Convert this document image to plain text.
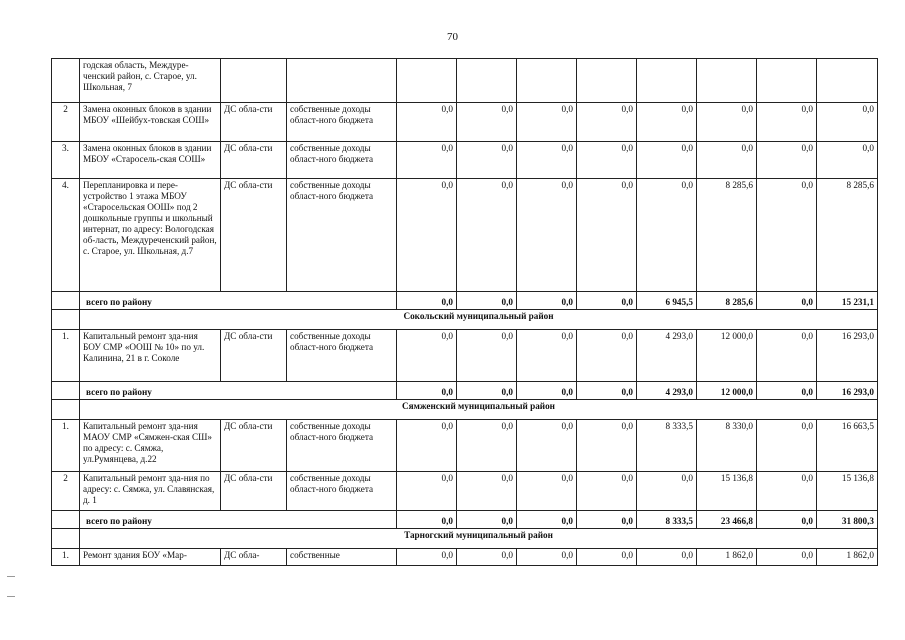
70
	годская область, Междуре-ченский район, с. Старое, ул. Школьная, 7										
2	Замена оконных блоков в здании МБОУ «Шейбух-товская СОШ»	ДС обла-сти	собственные доходы област-ного бюджета	0,0	0,0	0,0	0,0	0,0	0,0	0,0	0,0
3.	Замена оконных блоков в здании МБОУ «Старосель-ская СОШ»	ДС обла-сти	собственные доходы област-ного бюджета	0,0	0,0	0,0	0,0	0,0	0,0	0,0	0,0
4.	Перепланировка и пере-устройство 1 этажа МБОУ «Старосельская ООШ» под 2 дошкольные группы и школьный интернат, по адресу: Вологодская об-ласть, Междуреченский район, с. Старое, ул. Школьная, д.7	ДС обла-сти	собственные доходы област-ного бюджета	0,0	0,0	0,0	0,0	0,0	8 285,6	0,0	8 285,6
	всего по району			0,0	0,0	0,0	0,0	6 945,5	8 285,6	0,0	15 231,1
	Сокольский муниципальный район										
1.	Капитальный ремонт зда-ния БОУ СМР «ООШ № 10» по ул. Калинина, 21 в г. Соколе	ДС обла-сти	собственные доходы област-ного бюджета	0,0	0,0	0,0	0,0	4 293,0	12 000,0	0,0	16 293,0
	всего по району			0,0	0,0	0,0	0,0	4 293,0	12 000,0	0,0	16 293,0
	Сямженский муниципальный район										
1.	Капитальный ремонт зда-ния МАОУ СМР «Сямжен-ская СШ» по адресу: с. Сямжа, ул.Румянцева, д.22	ДС обла-сти	собственные доходы област-ного бюджета	0,0	0,0	0,0	0,0	8 333,5	8 330,0	0,0	16 663,5
2	Капитальный ремонт зда-ния по адресу: с. Сямжа, ул. Славянская, д. 1	ДС обла-сти	собственные доходы област-ного бюджета	0,0	0,0	0,0	0,0	0,0	15 136,8	0,0	15 136,8
	всего по району			0,0	0,0	0,0	0,0	8 333,5	23 466,8	0,0	31 800,3
	Тарногский муниципальный район										
1.	Ремонт здания БОУ «Мар-	ДС обла-	собственные	0,0	0,0	0,0	0,0	0,0	1 862,0	0,0	1 862,0
